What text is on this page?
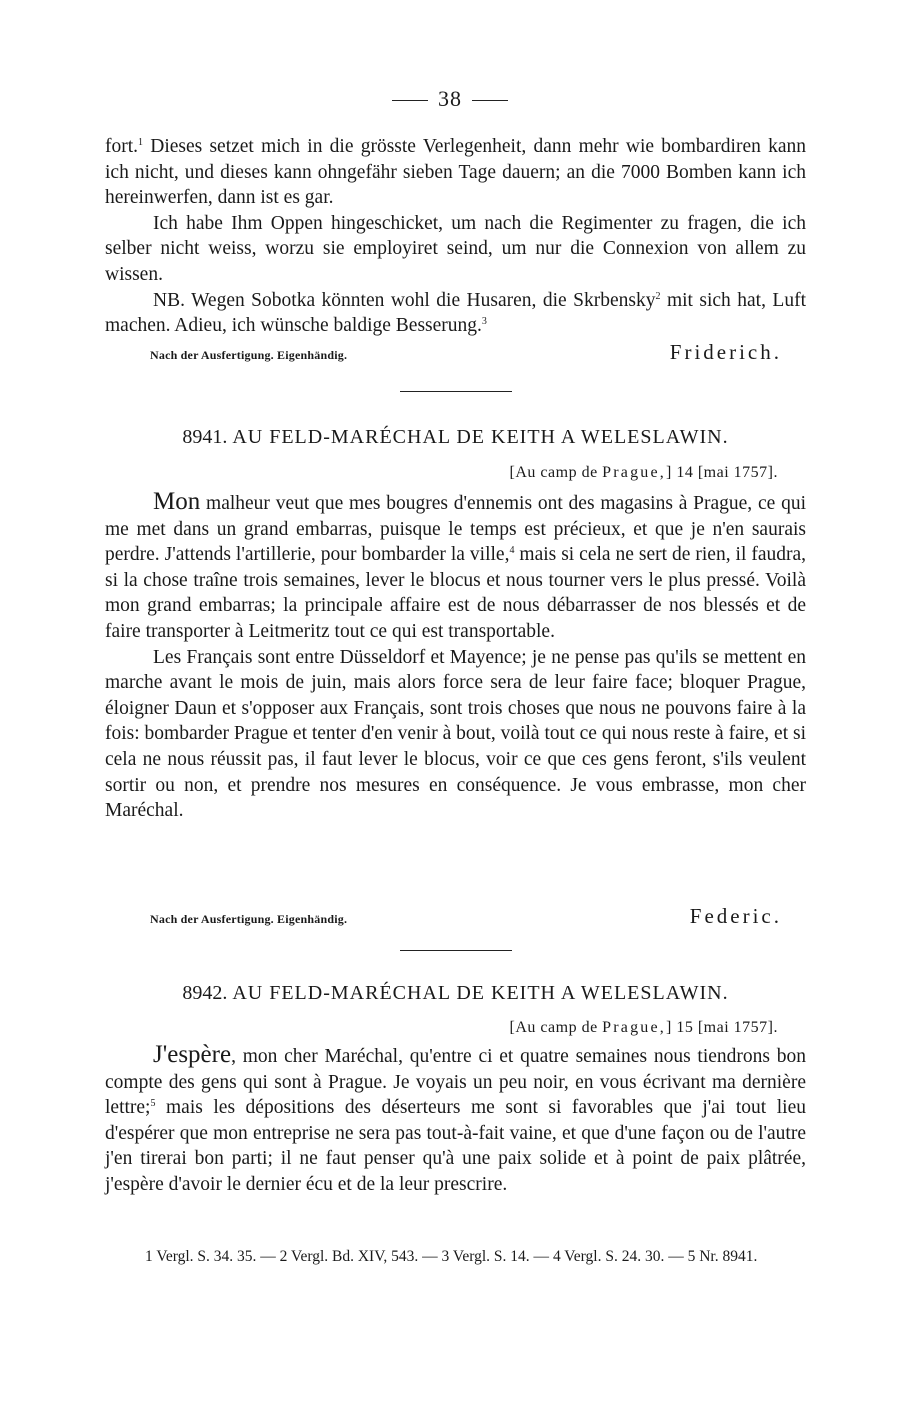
38

fort.$^1$ Dieses setzet mich in die grösste Verlegenheit, dann mehr wie bombardiren kann ich nicht, und dieses kann ohngefähr sieben Tage dauern; an die 7000 Bomben kann ich hereinwerfen, dann ist es gar.

Ich habe Ihm Oppen hingeschicket, um nach die Regimenter zu fragen, die ich selber nicht weiss, worzu sie employiret seind, um nur die Connexion von allem zu wissen.

NB. Wegen Sobotka könnten wohl die Husaren, die Skrbensky$^2$ mit sich hat, Luft machen. Adieu, ich wünsche baldige Besserung.$^3$

Nach der Ausfertigung. Eigenhändig.	Friderich.
8941. AU FELD-MARÉCHAL DE KEITH A WELESLAWIN.
[Au camp de Prague,] 14 [mai 1757].

Mon malheur veut que mes bougres d'ennemis ont des magasins à Prague, ce qui me met dans un grand embarras, puisque le temps est précieux, et que je n'en saurais perdre. J'attends l'artillerie, pour bombarder la ville,$^4$ mais si cela ne sert de rien, il faudra, si la chose traîne trois semaines, lever le blocus et nous tourner vers le plus pressé. Voilà mon grand embarras; la principale affaire est de nous débarrasser de nos blessés et de faire transporter à Leitmeritz tout ce qui est transportable.

Les Français sont entre Düsseldorf et Mayence; je ne pense pas qu'ils se mettent en marche avant le mois de juin, mais alors force sera de leur faire face; bloquer Prague, éloigner Daun et s'opposer aux Français, sont trois choses que nous ne pouvons faire à la fois: bombarder Prague et tenter d'en venir à bout, voilà tout ce qui nous reste à faire, et si cela ne nous réussit pas, il faut lever le blocus, voir ce que ces gens feront, s'ils veulent sortir ou non, et prendre nos mesures en conséquence. Je vous embrasse, mon cher Maréchal.

Nach der Ausfertigung. Eigenhändig.	Federic.
8942. AU FELD-MARÉCHAL DE KEITH A WELESLAWIN.
[Au camp de Prague,] 15 [mai 1757].

J'espère, mon cher Maréchal, qu'entre ci et quatre semaines nous tiendrons bon compte des gens qui sont à Prague. Je voyais un peu noir, en vous écrivant ma dernière lettre;$^5$ mais les dépositions des déserteurs me sont si favorables que j'ai tout lieu d'espérer que mon entreprise ne sera pas tout-à-fait vaine, et que d'une façon ou de l'autre j'en tirerai bon parti; il ne faut penser qu'à une paix solide et à point de paix plâtrée, j'espère d'avoir le dernier écu et de la leur prescrire.

1 Vergl. S. 34. 35. — 2 Vergl. Bd. XIV, 543. — 3 Vergl. S. 14. — 4 Vergl. S. 24. 30. — 5 Nr. 8941.
